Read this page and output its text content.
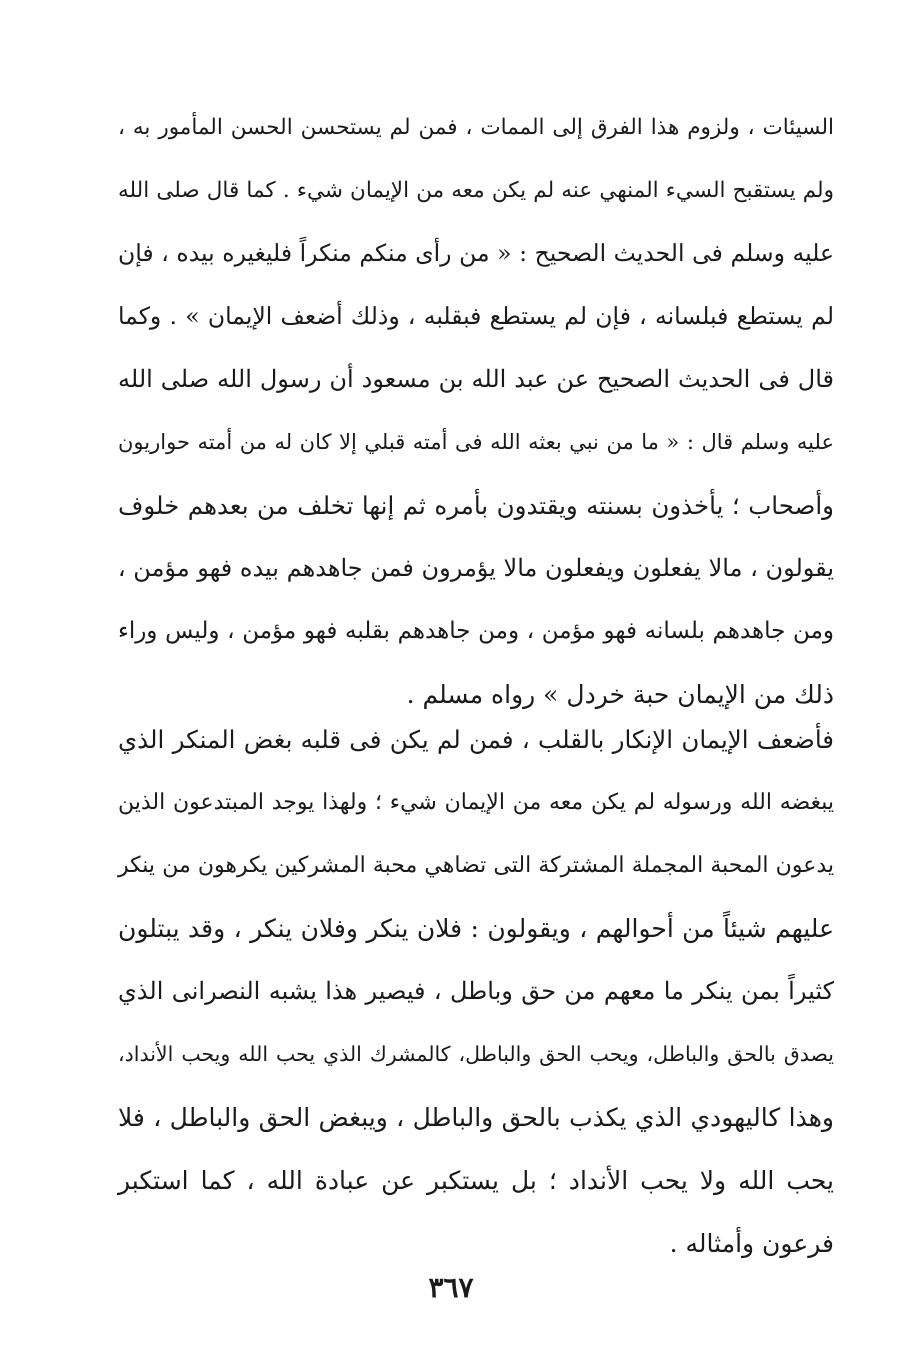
السيئات ، ولزوم هذا الفرق إلى الممات ، فمن لم يستحسن الحسن المأمور به ،
ولم يستقبح السيء المنهي عنه لم يكن معه من الإيمان شيء . كما قال صلى الله
عليه وسلم فى الحديث الصحيح : « من رأى منكم منكراً فليغيره بيده ، فإن
لم يستطع فبلسانه ، فإن لم يستطع فبقلبه ، وذلك أضعف الإيمان » . وكما
قال فى الحديث الصحيح عن عبد الله بن مسعود أن رسول الله صلى الله
عليه وسلم قال : « ما من نبي بعثه الله فى أمته قبلي إلا كان له من أمته حواريون
وأصحاب ؛ يأخذون بسنته ويقتدون بأمره ثم إنها تخلف من بعدهم خلوف
يقولون ، مالا يفعلون ويفعلون مالا يؤمرون فمن جاهدهم بيده فهو مؤمن ،
ومن جاهدهم بلسانه فهو مؤمن ، ومن جاهدهم بقلبه فهو مؤمن ، وليس وراء
ذلك من الإيمان حبة خردل » رواه مسلم .
فأضعف الإيمان الإنكار بالقلب ، فمن لم يكن فى قلبه بغض المنكر الذي
يبغضه الله ورسوله لم يكن معه من الإيمان شيء ؛ ولهذا يوجد المبتدعون الذين
يدعون المحبة المجملة المشتركة التى تضاهي محبة المشركين يكرهون من ينكر
عليهم شيئاً من أحوالهم ، ويقولون : فلان ينكر وفلان ينكر ، وقد يبتلون
كثيراً بمن ينكر ما معهم من حق وباطل ، فيصير هذا يشبه النصرانى الذي
يصدق بالحق والباطل، ويحب الحق والباطل، كالمشرك الذي يحب الله ويحب الأنداد،
وهذا كاليهودي الذي يكذب بالحق والباطل ، ويبغض الحق والباطل ، فلا
يحب الله ولا يحب الأنداد ؛ بل يستكبر عن عبادة الله ، كما استكبر
فرعون وأمثاله .
٣٦٧
